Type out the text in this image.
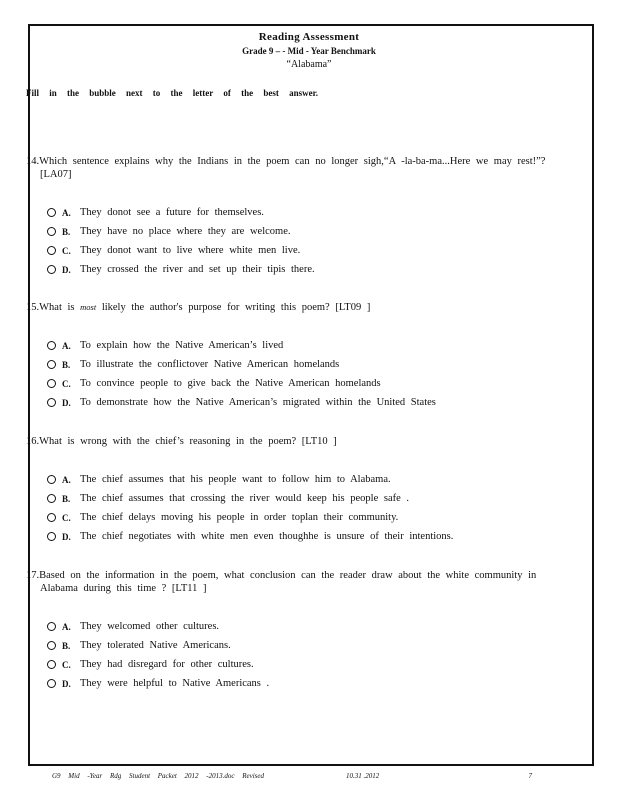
Reading Assessment
Grade 9 – - Mid - Year Benchmark
“Alabama”
Fill in the bubble next to the letter of the best answer.
14.Which sentence explains why the Indians in the poem can no longer sigh,“A -la-ba-ma...Here we may rest!”? [LA07]
A. They donot see a future for themselves.
B. They have no place where they are welcome.
C. They donot want to live where white men live.
D. They crossed the river and set up their tipis there.
15.What is most likely the author's purpose for writing this poem? [LT09 ]
A. To explain how the Native American’s lived
B. To illustrate the conflictover Native American homelands
C. To convince people to give back the Native American homelands
D. To demonstrate how the Native American’s migrated within the United States
16.What is wrong with the chief’s reasoning in the poem? [LT10 ]
A. The chief assumes that his people want to follow him to Alabama.
B. The chief assumes that crossing the river would keep his people safe .
C. The chief delays moving his people in order toplan their community.
D. The chief negotiates with white men even thoughhe is unsure of their intentions.
17.Based on the information in the poem, what conclusion can the reader draw about the white community in Alabama during this time ? [LT11 ]
A. They welcomed other cultures.
B. They tolerated Native Americans.
C. They had disregard for other cultures.
D. They were helpful to Native Americans .
G9 Mid -Year Rdg Student Packet 2012 -2013.doc Revised	10.31 .2012	7
